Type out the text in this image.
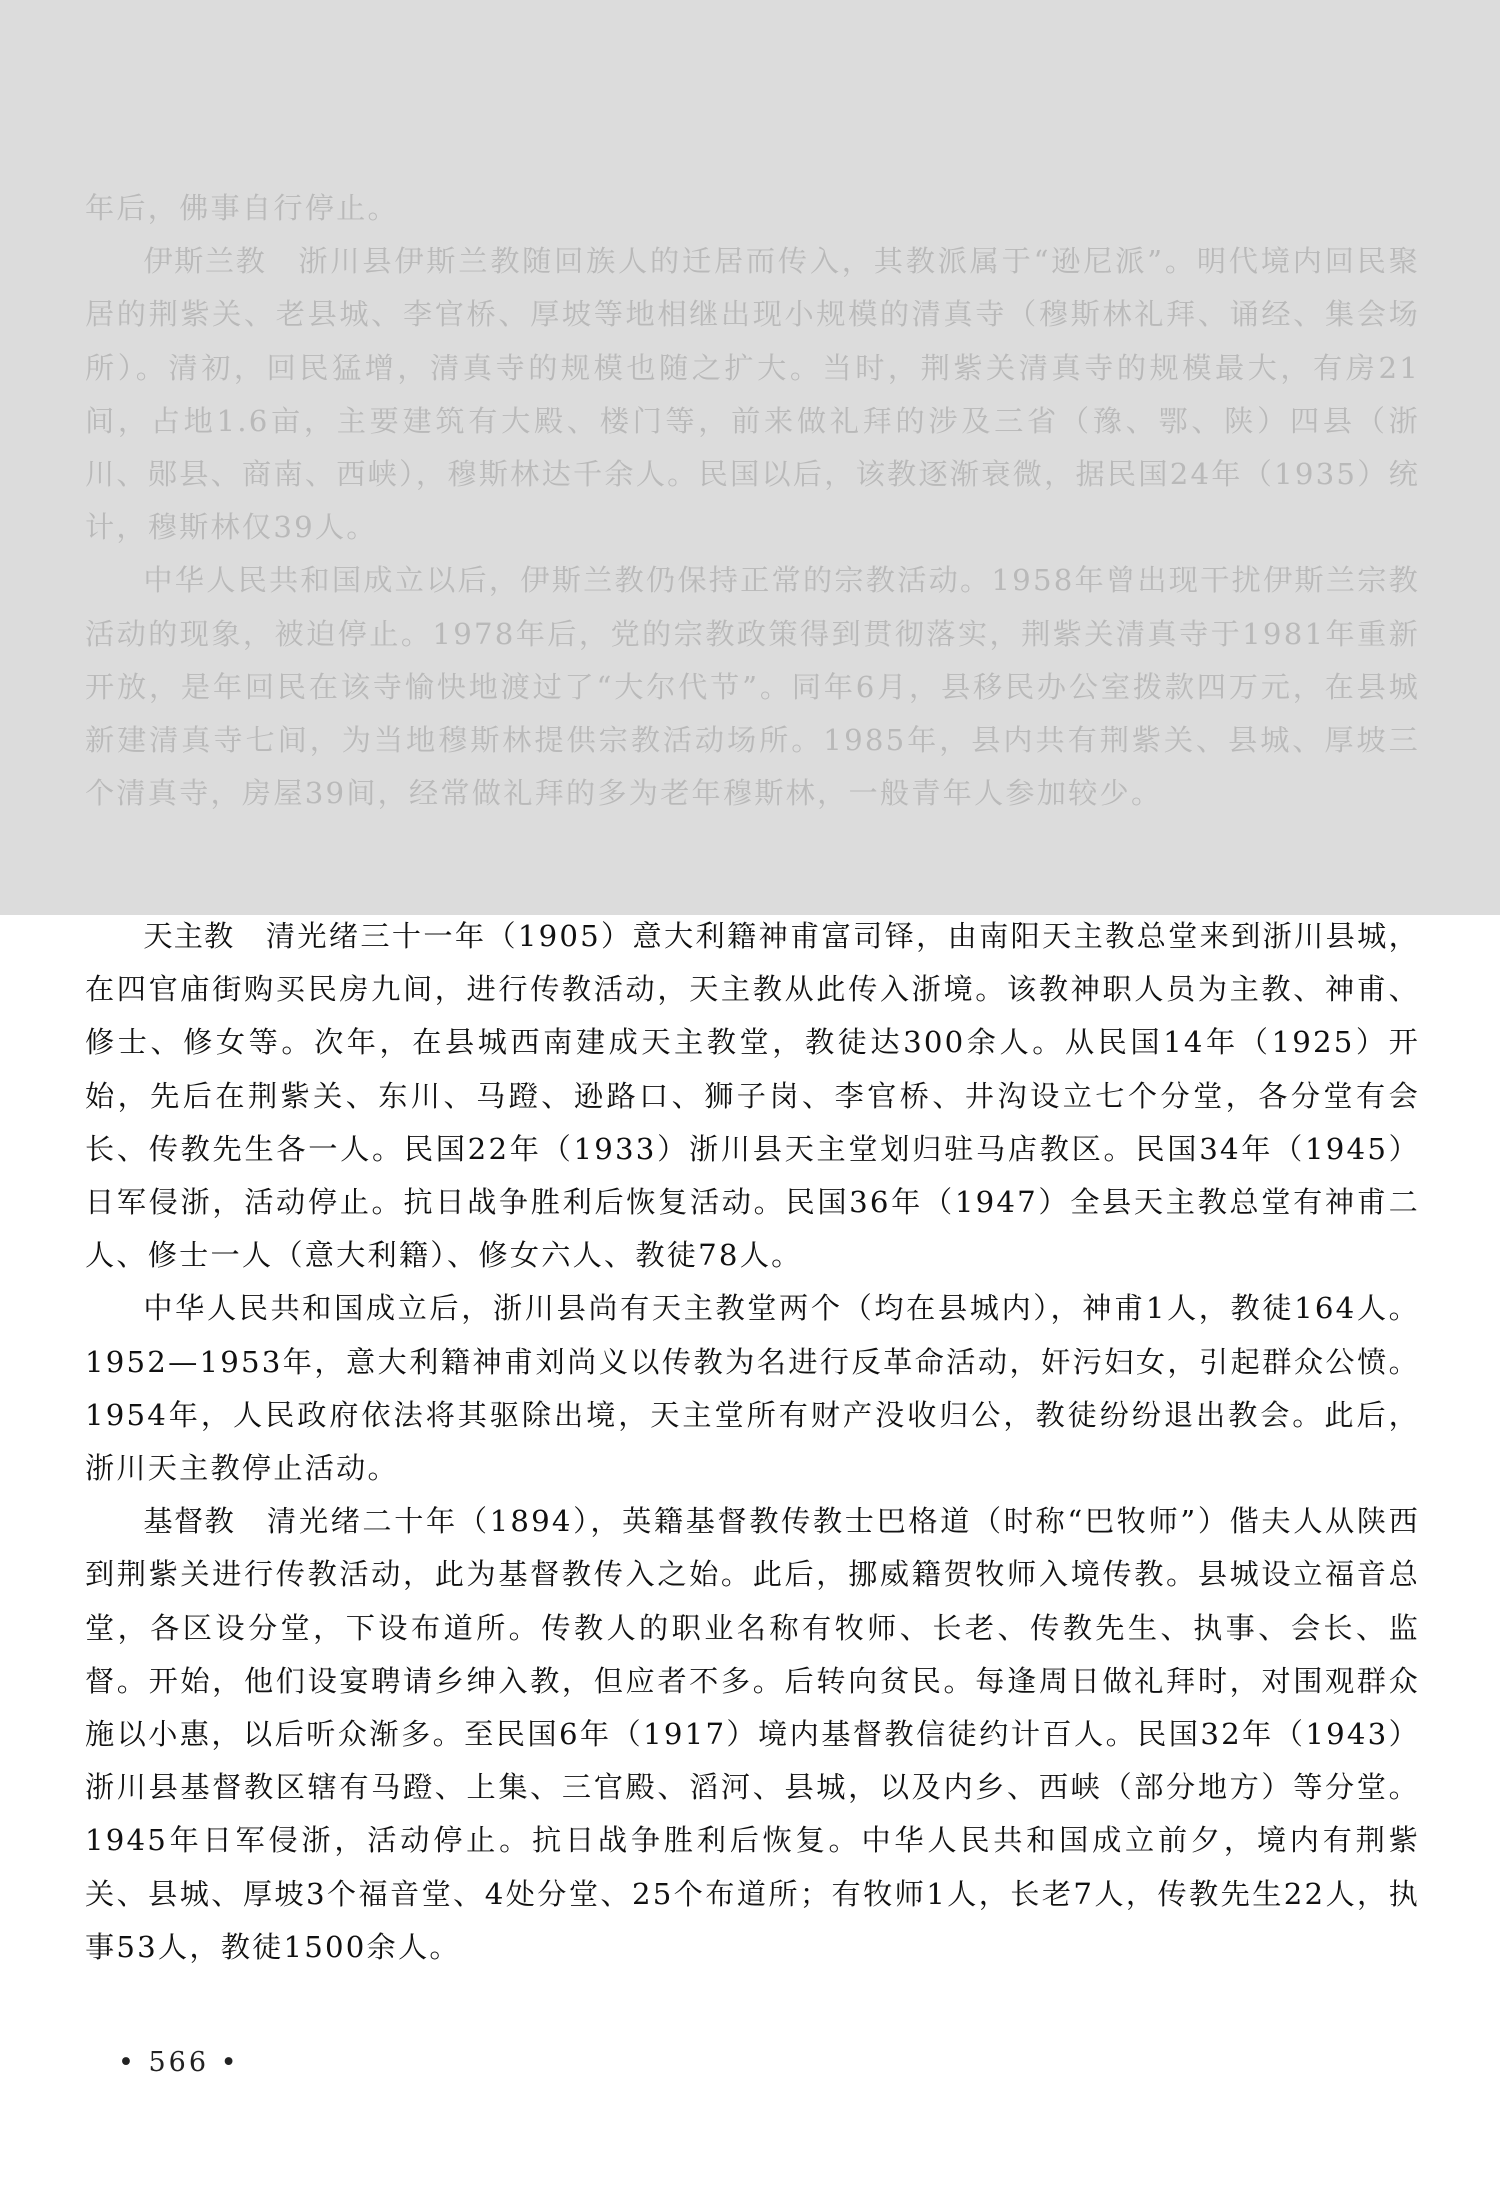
年后，佛事自行停止。

伊斯兰教　 浙川县伊斯兰教随回族人的迁居而传入，其教派属于“逊尼派”。明代境内回民聚居的荆紫关、老县城、李官桥、厚坡等地相继出现小规模的清真寺（穆斯林礼拜、诵经、集会场所）。清初，回民猛增，清真寺的规模也随之扩大。当时，荆紫关清真寺的规模最大，有房21间，占地1.6亩，主要建筑有大殿、楼门等，前来做礼拜的涉及三省（豫、鄂、陕）四县（浙川、郧县、商南、西峡），穆斯林达千余人。民国以后，该教逐渐衰微，据民国24年（1935）统计，穆斯林仅39人。

中华人民共和国成立以后，伊斯兰教仍保持正常的宗教活动。1958年曾出现干扰伊斯兰宗教活动的现象，被迫停止。1978年后，党的宗教政策得到贯彻落实，荆紫关清真寺于1981年重新开放，是年回民在该寺愉快地渡过了“大尔代节”。同年6月，县移民办公室拨款四万元，在县城新建清真寺七间，为当地穆斯林提供宗教活动场所。1985年，县内共有荆紫关、县城、厚坡三个清真寺，房屋39间，经常做礼拜的多为老年穆斯林，一般青年人参加较少。

天主教　 清光绪三十一年（1905）意大利籍神甫富司铎，由南阳天主教总堂来到浙川县城，在四官庙街购买民房九间，进行传教活动，天主教从此传入浙境。该教神职人员为主教、神甫、修士、修女等。次年，在县城西南建成天主教堂，教徒达300余人。从民国14年（1925）开始，先后在荆紫关、东川、马蹬、逊路口、狮子岗、李官桥、井沟设立七个分堂，各分堂有会长、传教先生各一人。民国22年（1933）浙川县天主堂划归驻马店教区。民国34年（1945）日军侵浙，活动停止。抗日战争胜利后恢复活动。民国36年（1947）全县天主教总堂有神甫二人、修士一人（意大利籍）、修女六人、教徒78人。

中华人民共和国成立后，浙川县尚有天主教堂两个（均在县城内），神甫1人，教徒164人。1952—1953年，意大利籍神甫刘尚义以传教为名进行反革命活动，奸污妇女，引起群众公愤。1954年，人民政府依法将其驱除出境，天主堂所有财产没收归公，教徒纷纷退出教会。此后，浙川天主教停止活动。

基督教　 清光绪二十年（1894），英籍基督教传教士巴格道（时称“巴牧师”）偕夫人从陕西到荆紫关进行传教活动，此为基督教传入之始。此后，挪威籍贺牧师入境传教。县城设立福音总堂，各区设分堂，下设布道所。传教人的职业名称有牧师、长老、传教先生、执事、会长、监督。开始，他们设宴聘请乡绅入教，但应者不多。后转向贫民。每逢周日做礼拜时，对围观群众施以小惠，以后听众渐多。至民国6年（1917）境内基督教信徒约计百人。民国32年（1943）浙川县基督教区辖有马蹬、上集、三官殿、滔河、县城，以及内乡、西峡（部分地方）等分堂。1945年日军侵浙，活动停止。抗日战争胜利后恢复。中华人民共和国成立前夕，境内有荆紫关、县城、厚坡3个福音堂、4处分堂、25个布道所；有牧师1人，长老7人，传教先生22人，执事53人，教徒1500余人。

• 566 •
